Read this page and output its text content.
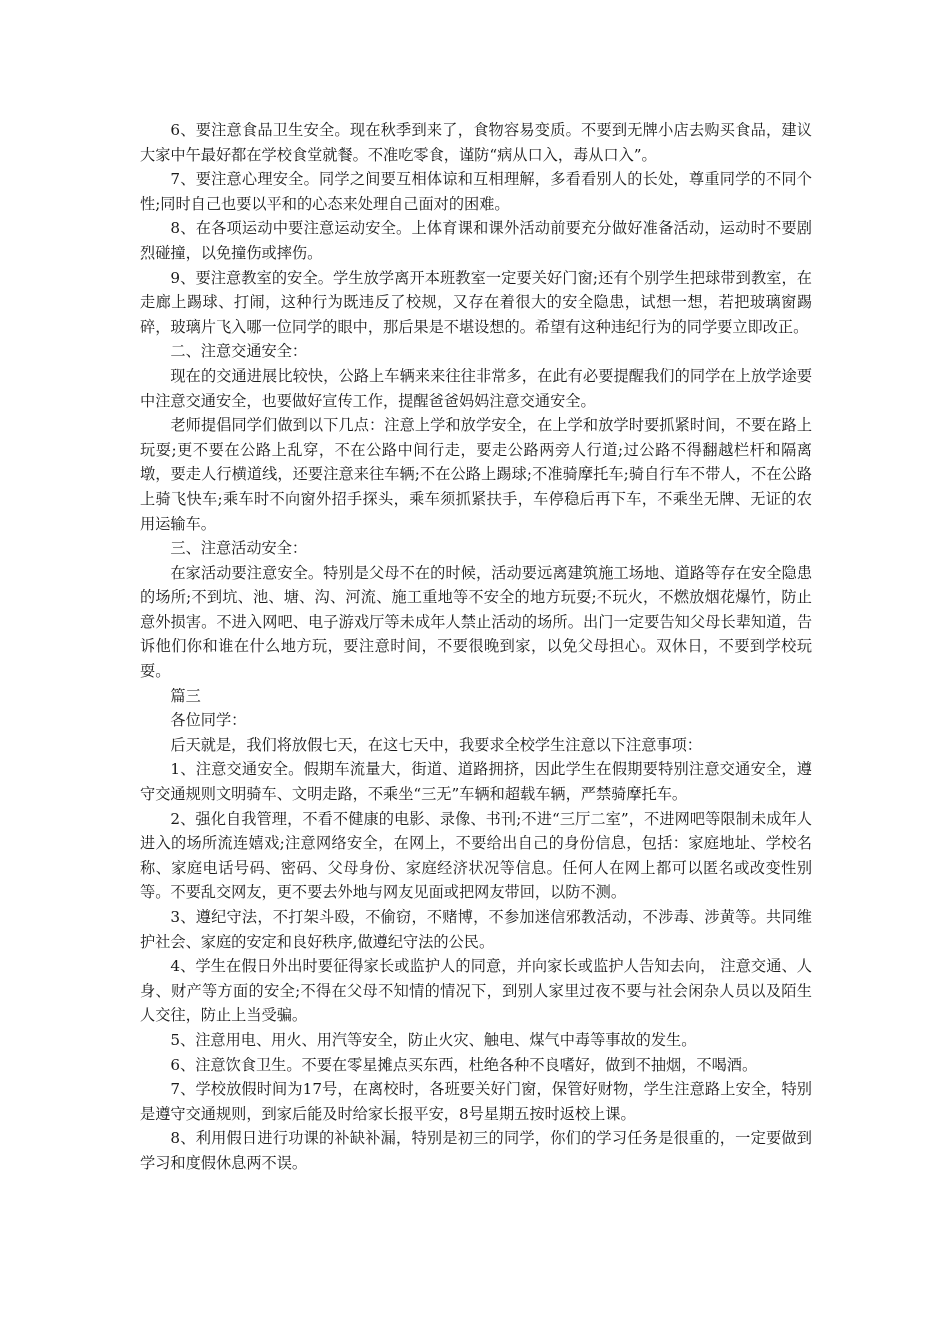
6、要注意食品卫生安全。现在秋季到来了，食物容易变质。不要到无牌小店去购买食品，建议大家中午最好都在学校食堂就餐。不准吃零食，谨防“病从口入，毒从口入”。

7、要注意心理安全。同学之间要互相体谅和互相理解，多看看别人的长处，尊重同学的不同个性;同时自己也要以平和的心态来处理自己面对的困难。

8、在各项运动中要注意运动安全。上体育课和课外活动前要充分做好准备活动，运动时不要剧烈碰撞，以免撞伤或摔伤。

9、要注意教室的安全。学生放学离开本班教室一定要关好门窗;还有个别学生把球带到教室，在走廊上踢球、打闹，这种行为既违反了校规，又存在着很大的安全隐患，试想一想，若把玻璃窗踢碎，玻璃片飞入哪一位同学的眼中，那后果是不堪设想的。希望有这种违纪行为的同学要立即改正。

二、注意交通安全：

现在的交通进展比较快，公路上车辆来来往往非常多，在此有必要提醒我们的同学在上放学途要中注意交通安全，也要做好宣传工作，提醒爸爸妈妈注意交通安全。

老师提倡同学们做到以下几点：注意上学和放学安全，在上学和放学时要抓紧时间，不要在路上玩耍;更不要在公路上乱穿，不在公路中间行走，要走公路两旁人行道;过公路不得翻越栏杆和隔离墩，要走人行横道线，还要注意来往车辆;不在公路上踢球;不准骑摩托车;骑自行车不带人，不在公路上骑飞快车;乘车时不向窗外招手探头，乘车须抓紧扶手，车停稳后再下车，不乘坐无牌、无证的农用运输车。

三、注意活动安全：

在家活动要注意安全。特别是父母不在的时候，活动要远离建筑施工场地、道路等存在安全隐患的场所;不到坑、池、塘、沟、河流、施工重地等不安全的地方玩耍;不玩火，不燃放烟花爆竹，防止意外损害。不进入网吧、电子游戏厅等未成年人禁止活动的场所。出门一定要告知父母长辈知道，告诉他们你和谁在什么地方玩，要注意时间，不要很晚到家，以免父母担心。双休日，不要到学校玩耍。

篇三

各位同学：

后天就是，我们将放假七天，在这七天中，我要求全校学生注意以下注意事项：

1、注意交通安全。假期车流量大，街道、道路拥挤，因此学生在假期要特别注意交通安全，遵守交通规则文明骑车、文明走路，不乘坐“三无”车辆和超载车辆，严禁骑摩托车。

2、强化自我管理，不看不健康的电影、录像、书刊;不进“三厅二室”，不进网吧等限制未成年人进入的场所流连嬉戏;注意网络安全，在网上，不要给出自己的身份信息，包括：家庭地址、学校名称、家庭电话号码、密码、父母身份、家庭经济状况等信息。任何人在网上都可以匿名或改变性别等。不要乱交网友，更不要去外地与网友见面或把网友带回，以防不测。

3、遵纪守法，不打架斗殴，不偷窃，不赌博，不参加迷信邪教活动，不涉毒、涉黄等。共同维护社会、家庭的安定和良好秩序,做遵纪守法的公民。

4、学生在假日外出时要征得家长或监护人的同意，并向家长或监护人告知去向， 注意交通、人身、财产等方面的安全;不得在父母不知情的情况下，到别人家里过夜不要与社会闲杂人员以及陌生人交往，防止上当受骗。

5、注意用电、用火、用汽等安全，防止火灾、触电、煤气中毒等事故的发生。

6、注意饮食卫生。不要在零星摊点买东西，杜绝各种不良嗜好，做到不抽烟，不喝酒。

7、学校放假时间为17号，在离校时，各班要关好门窗，保管好财物，学生注意路上安全，特别是遵守交通规则，到家后能及时给家长报平安，8号星期五按时返校上课。

8、利用假日进行功课的补缺补漏，特别是初三的同学，你们的学习任务是很重的，一定要做到学习和度假休息两不误。
